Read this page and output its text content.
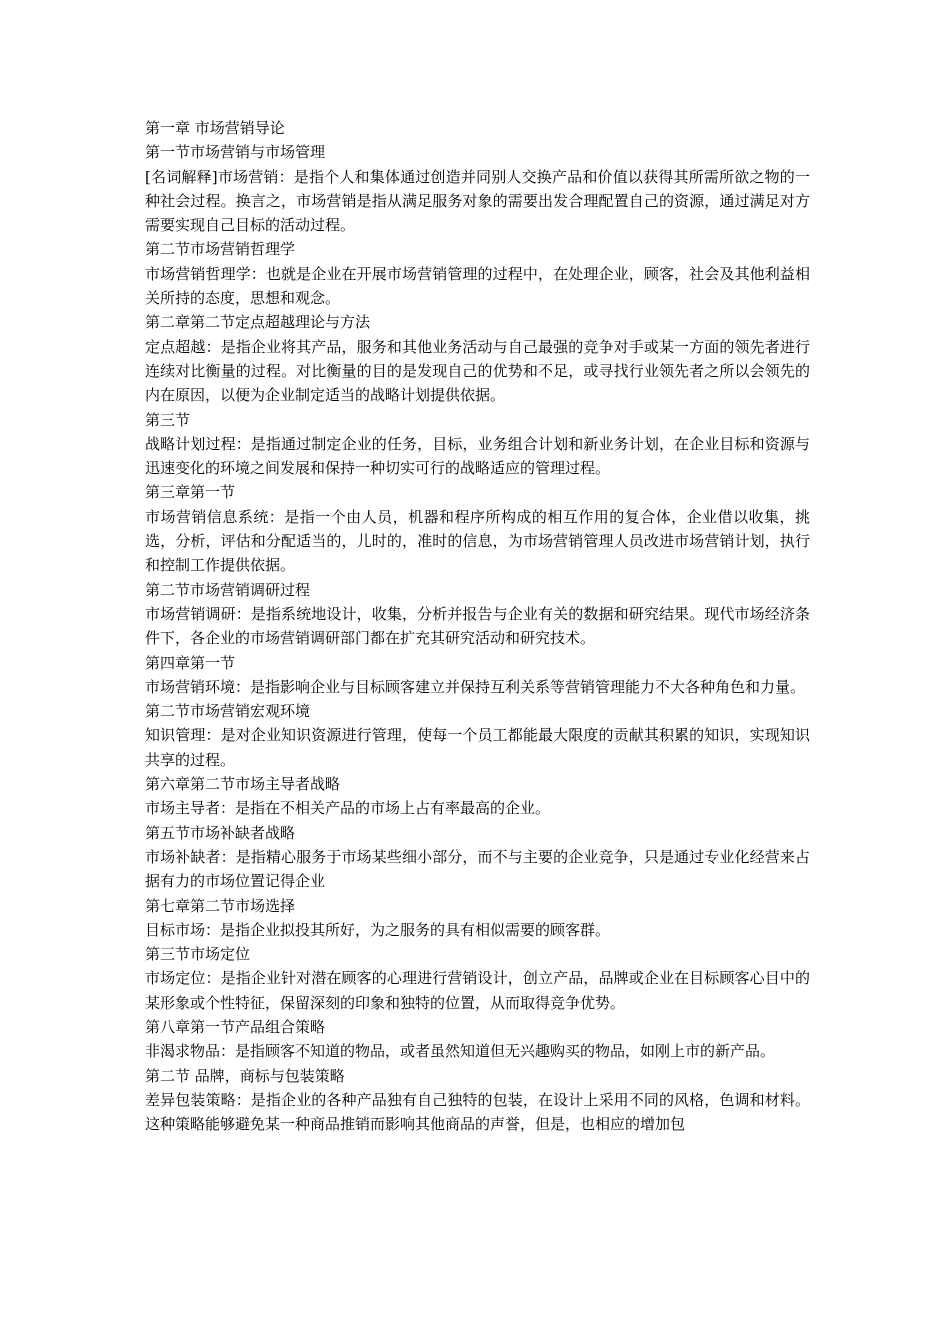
第一章 市场营销导论

第一节市场营销与市场管理

[名词解释]市场营销：是指个人和集体通过创造并同别人交换产品和价值以获得其所需所欲之物的一种社会过程。换言之，市场营销是指从满足服务对象的需要出发合理配置自己的资源，通过满足对方需要实现自己目标的活动过程。

第二节市场营销哲理学

市场营销哲理学：也就是企业在开展市场营销管理的过程中，在处理企业，顾客，社会及其他利益相关所持的态度，思想和观念。

第二章第二节定点超越理论与方法

定点超越：是指企业将其产品，服务和其他业务活动与自己最强的竞争对手或某一方面的领先者进行连续对比衡量的过程。对比衡量的目的是发现自己的优势和不足，或寻找行业领先者之所以会领先的内在原因，以便为企业制定适当的战略计划提供依据。

第三节

战略计划过程：是指通过制定企业的任务，目标，业务组合计划和新业务计划，在企业目标和资源与迅速变化的环境之间发展和保持一种切实可行的战略适应的管理过程。

第三章第一节

市场营销信息系统：是指一个由人员，机器和程序所构成的相互作用的复合体，企业借以收集，挑选，分析，评估和分配适当的，儿时的，准时的信息，为市场营销管理人员改进市场营销计划，执行和控制工作提供依据。

第二节市场营销调研过程

市场营销调研：是指系统地设计，收集，分析并报告与企业有关的数据和研究结果。现代市场经济条件下，各企业的市场营销调研部门都在扩充其研究活动和研究技术。

第四章第一节

市场营销环境：是指影响企业与目标顾客建立并保持互利关系等营销管理能力不大各种角色和力量。

第二节市场营销宏观环境

知识管理：是对企业知识资源进行管理，使每一个员工都能最大限度的贡献其积累的知识，实现知识共享的过程。

第六章第二节市场主导者战略

市场主导者：是指在不相关产品的市场上占有率最高的企业。

第五节市场补缺者战略

市场补缺者：是指精心服务于市场某些细小部分，而不与主要的企业竞争，只是通过专业化经营来占据有力的市场位置记得企业

第七章第二节市场选择

目标市场：是指企业拟投其所好，为之服务的具有相似需要的顾客群。

第三节市场定位

市场定位：是指企业针对潜在顾客的心理进行营销设计，创立产品，品牌或企业在目标顾客心目中的某形象或个性特征，保留深刻的印象和独特的位置，从而取得竞争优势。

第八章第一节产品组合策略

非渴求物品：是指顾客不知道的物品，或者虽然知道但无兴趣购买的物品，如刚上市的新产品。

第二节 品牌，商标与包装策略

差异包装策略：是指企业的各种产品独有自己独特的包装，在设计上采用不同的风格，色调和材料。这种策略能够避免某一种商品推销而影响其他商品的声誉，但是，也相应的增加包
